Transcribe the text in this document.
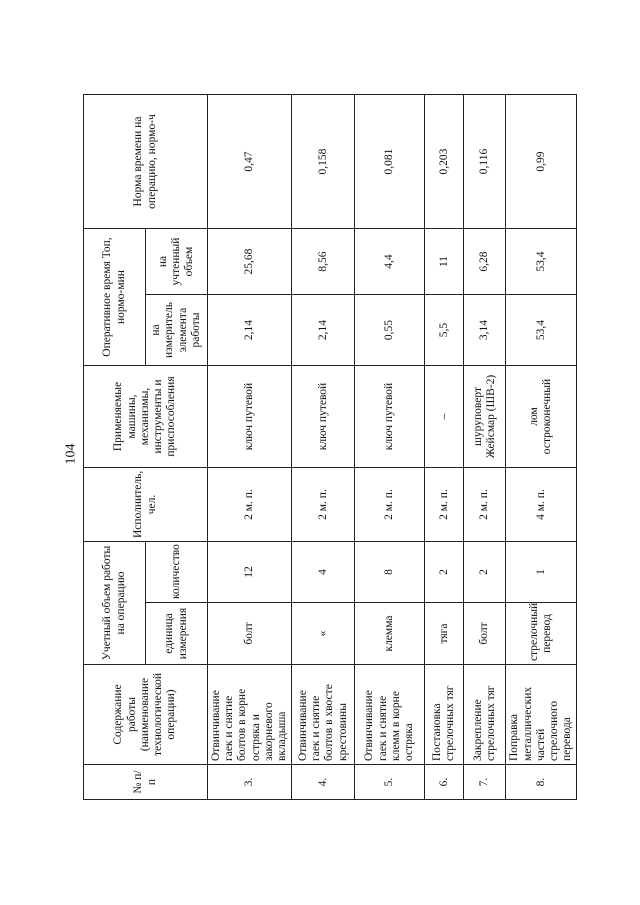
104
№ п/п	Содержание работы (наименование технологической операции)	Учетный объем работы на операцию		Исполнитель, чел.	Применяемые машины, механизмы, инструменты и приспособления	Оперативное время Топ, нормо-мин		Норма времени на операцию, нормо-ч
		единица измерения	количество			на измеритель элемента работы	на учтенный объем	
3.	Отвинчивание гаек и снятие болтов в корне остряка и закорневого вкладыша	болт	12	2 м. п.	ключ путевой	2,14	25,68	0,47
4.	Отвинчивание гаек и снятие болтов в хвосте крестовины	«	4	2 м. п.	ключ путевой	2,14	8,56	0,158
5.	Отвинчивание гаек и снятие клемм в корне остряка	клемма	8	2 м. п.	ключ путевой	0,55	4,4	0,081
6.	Постановка стрелочных тяг	тяга	2	2 м. п.	–	5,5	11	0,203
7.	Закрепление стрелочных тяг	болт	2	2 м. п.	шуруповерт Жейсмар (ШВ-2)	3,14	6,28	0,116
8.	Поправка металлических частей стрелочного перевода	стрелочный перевод	1	4 м. п.	лом остроконечный	53,4	53,4	0,99
